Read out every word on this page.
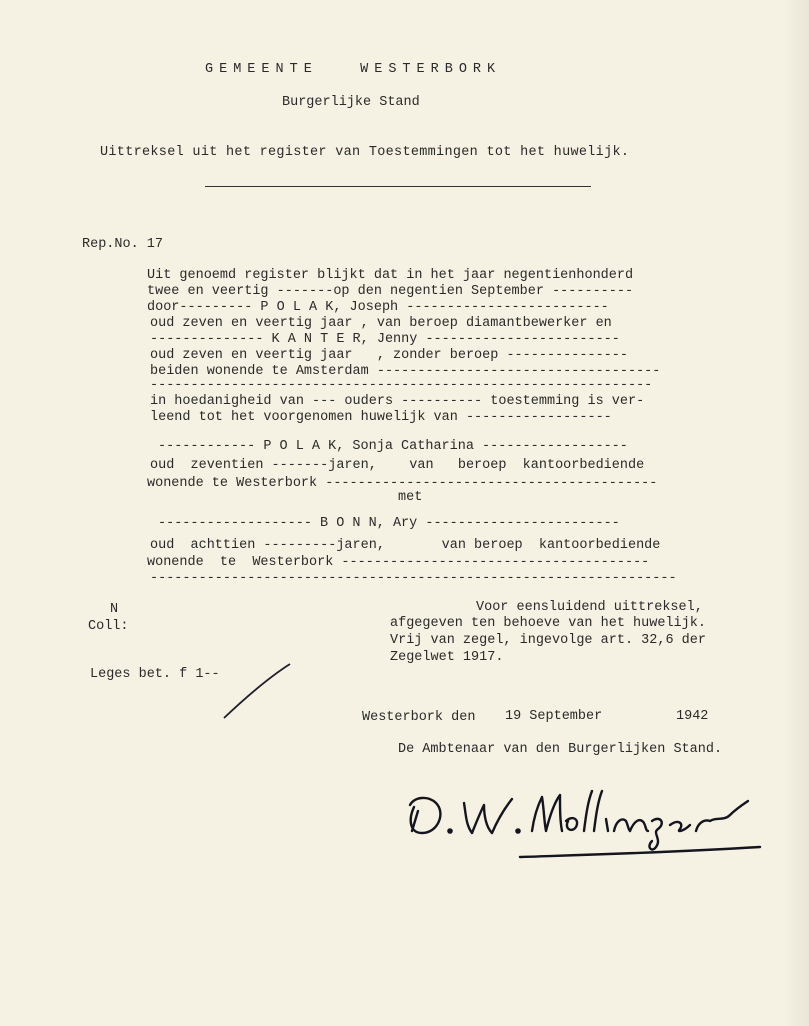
GEMEENTE   WESTERBORK
Burgerlijke Stand
Uittreksel uit het register van Toestemmingen tot het huwelijk.
Rep.No. 17
Uit genoemd register blijkt dat in het jaar negentienhonderd
twee en veertig -------op den negentien September ----------
door--------- P O L A K, Joseph -------------------------
oud zeven en veertig jaar , van beroep diamantbewerker en
-------------- K A N T E R, Jenny ------------------------
oud zeven en veertig jaar   , zonder beroep ---------------
beiden wonende te Amsterdam -----------------------------------
--------------------------------------------------------------
in hoedanigheid van --- ouders ---------- toestemming is ver-
leend tot het voorgenomen huwelijk van ------------------
------------ P O L A K, Sonja Catharina ------------------
oud  zeventien -------jaren,    van   beroep  kantoorbediende
wonende te Westerbork -----------------------------------------
met
------------------- B O N N, Ary ------------------------
oud  achttien ---------jaren,       van beroep  kantoorbediende
wonende  te  Westerbork --------------------------------------
-----------------------------------------------------------------
N
Coll:
Leges bet. f 1--
Voor eensluidend uittreksel,
afgegeven ten behoeve van het huwelijk.
Vrij van zegel, ingevolge art. 32,6 der
Zegelwet 1917.
Westerbork den 19 September	1942
De Ambtenaar van den Burgerlijken Stand.
